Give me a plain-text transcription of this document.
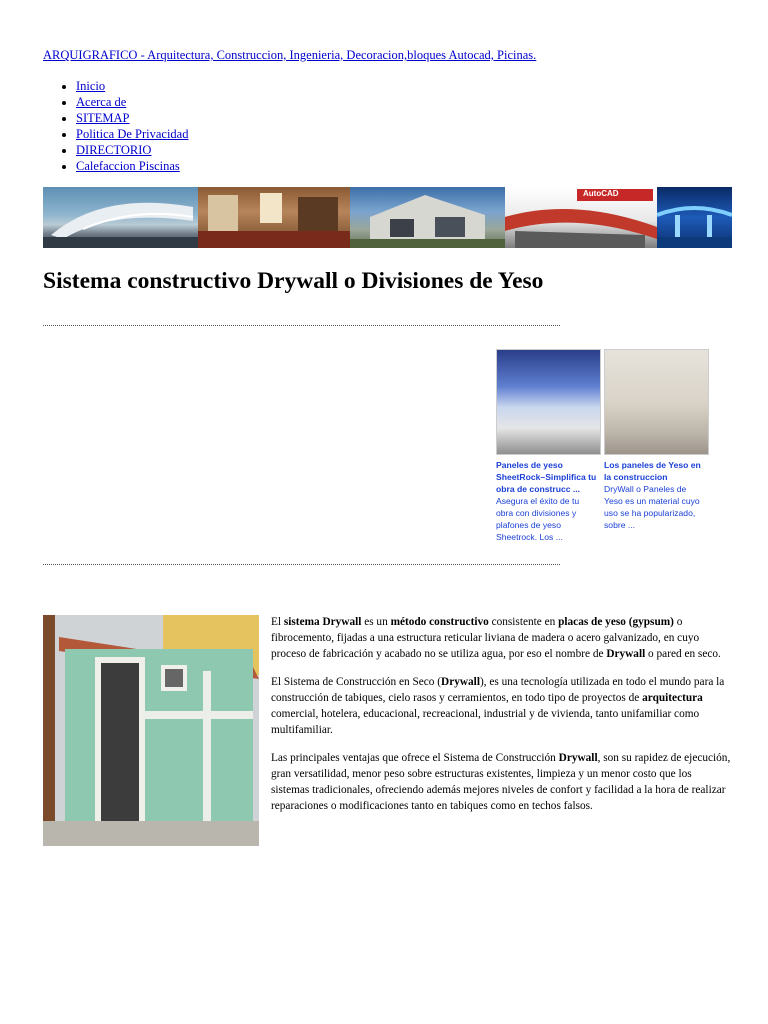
ARQUIGRAFICO - Arquitectura, Construccion, Ingenieria, Decoracion,bloques Autocad, Picinas.
• Inicio
• Acerca de
• SITEMAP
• Politica De Privacidad
• DIRECTORIO
• Calefaccion Piscinas
AutoCAD
Sistema constructivo Drywall o Divisiones de Yeso
Paneles de yeso SheetRock–Simplifica tu obra de construcc ...
Asegura el éxito de tu obra con divisiones y plafones de yeso Sheetrock. Los ...
Los paneles de Yeso en la construccion
DryWall o Paneles de Yeso es un material cuyo uso se ha popularizado, sobre ...

El sistema Drywall es un método constructivo consistente en placas de yeso (gypsum) o fibrocemento, fijadas a una estructura reticular liviana de madera o acero galvanizado, en cuyo proceso de fabricación y acabado no se utiliza agua, por eso el nombre de Drywall o pared en seco.

El Sistema de Construcción en Seco (Drywall), es una tecnología utilizada en todo el mundo para la construcción de tabiques, cielo rasos y cerramientos, en todo tipo de proyectos de arquitectura comercial, hotelera, educacional, recreacional, industrial y de vivienda, tanto unifamiliar como multifamiliar.

Las principales ventajas que ofrece el Sistema de Construcción Drywall, son su rapidez de ejecución, gran versatilidad, menor peso sobre estructuras existentes, limpieza y un menor costo que los sistemas tradicionales, ofreciendo además mejores niveles de confort y facilidad a la hora de realizar reparaciones o modificaciones tanto en tabiques como en techos falsos.
